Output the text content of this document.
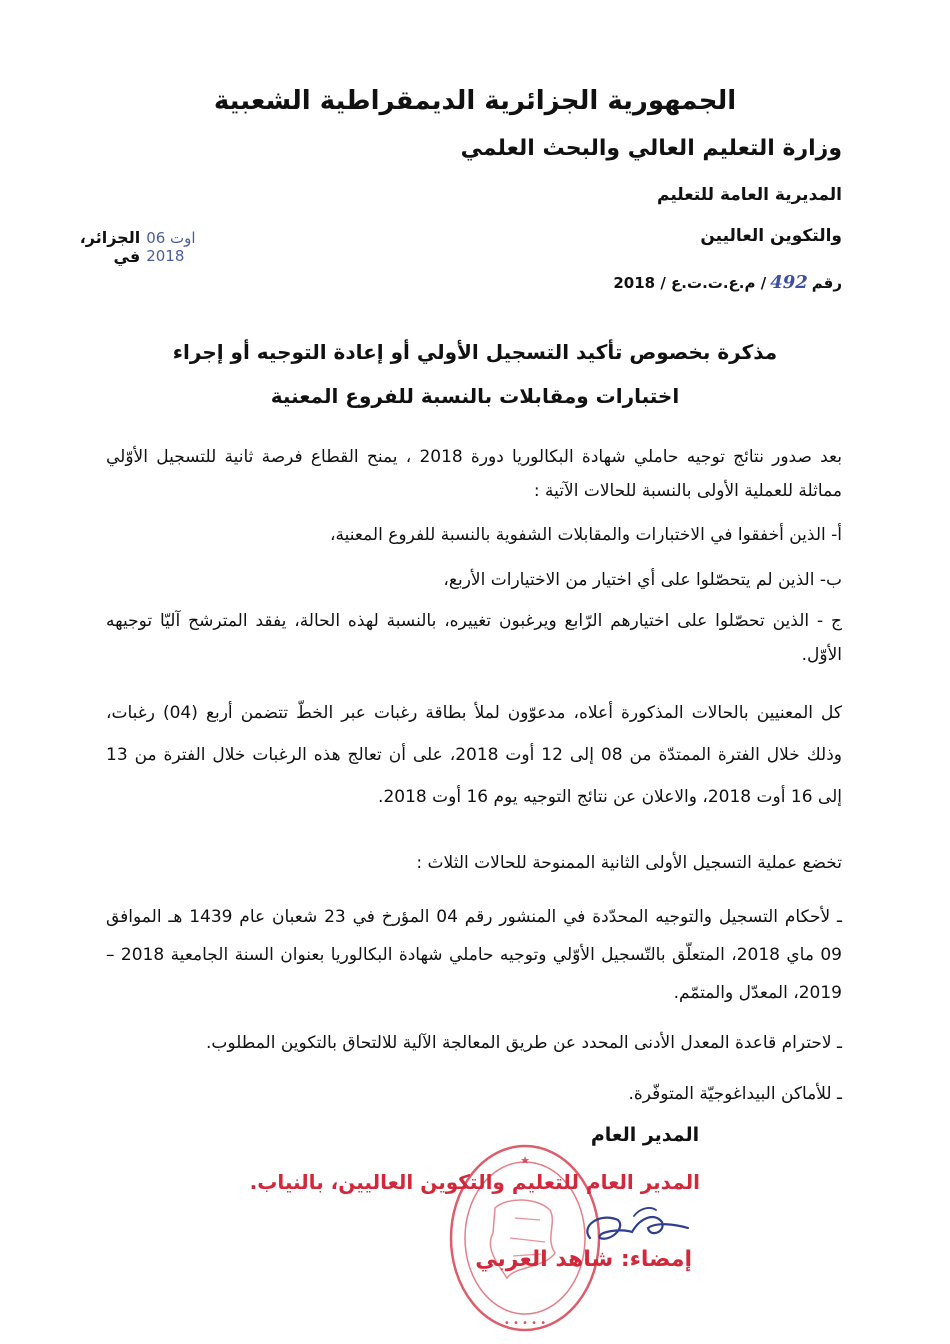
الجمهورية الجزائرية الديمقراطية الشعبية
وزارة التعليم العالي والبحث العلمي
المديرية العامة للتعليم
والتكوين العاليين
الجزائر، في
06 اوت 2018
رقم
492
/ م.ع.ت.ت.ع / 2018
مذكرة بخصوص تأكيد التسجيل الأولي أو إعادة التوجيه أو إجراء
اختبارات ومقابلات بالنسبة للفروع المعنية
بعد صدور نتائج توجيه حاملي شهادة البكالوريا دورة 2018 ، يمنح القطاع فرصة ثانية للتسجيل الأوّلي مماثلة للعملية الأولى بالنسبة للحالات الآتية :
أ- الذين أخفقوا في الاختبارات والمقابلات الشفوية بالنسبة للفروع المعنية،
ب- الذين لم يتحصّلوا على أي اختيار من الاختيارات الأربع،
ج - الذين تحصّلوا على اختيارهم الرّابع ويرغبون تغييره، بالنسبة لهذه الحالة، يفقد المترشح آليّا توجيهه الأوّل.
كل المعنيين بالحالات المذكورة أعلاه، مدعوّون لملأ بطاقة رغبات عبر الخطّ تتضمن أربع (04) رغبات، وذلك خلال الفترة الممتدّة من 08 إلى 12 أوت 2018، على أن تعالج هذه الرغبات خلال الفترة من 13 إلى 16 أوت 2018، والاعلان عن نتائج التوجيه يوم 16 أوت 2018.
تخضع عملية التسجيل الأولى الثانية الممنوحة للحالات الثلاث :
ـ لأحكام التسجيل والتوجيه المحدّدة في المنشور رقم 04 المؤرخ في 23 شعبان عام 1439 هـ الموافق 09 ماي 2018، المتعلّق بالتّسجيل الأوّلي وتوجيه حاملي شهادة البكالوريا بعنوان السنة الجامعية 2018 – 2019، المعدّل والمتمّم.
ـ لاحترام قاعدة المعدل الأدنى المحدد عن طريق المعالجة الآلية للالتحاق بالتكوين المطلوب.
ـ للأماكن البيداغوجيّة المتوفّرة.
★
• • • • •
المدير العام
المدير العام للتعليم والتكوين العاليين، بالنياب.
إمضاء: شاهد العربي
